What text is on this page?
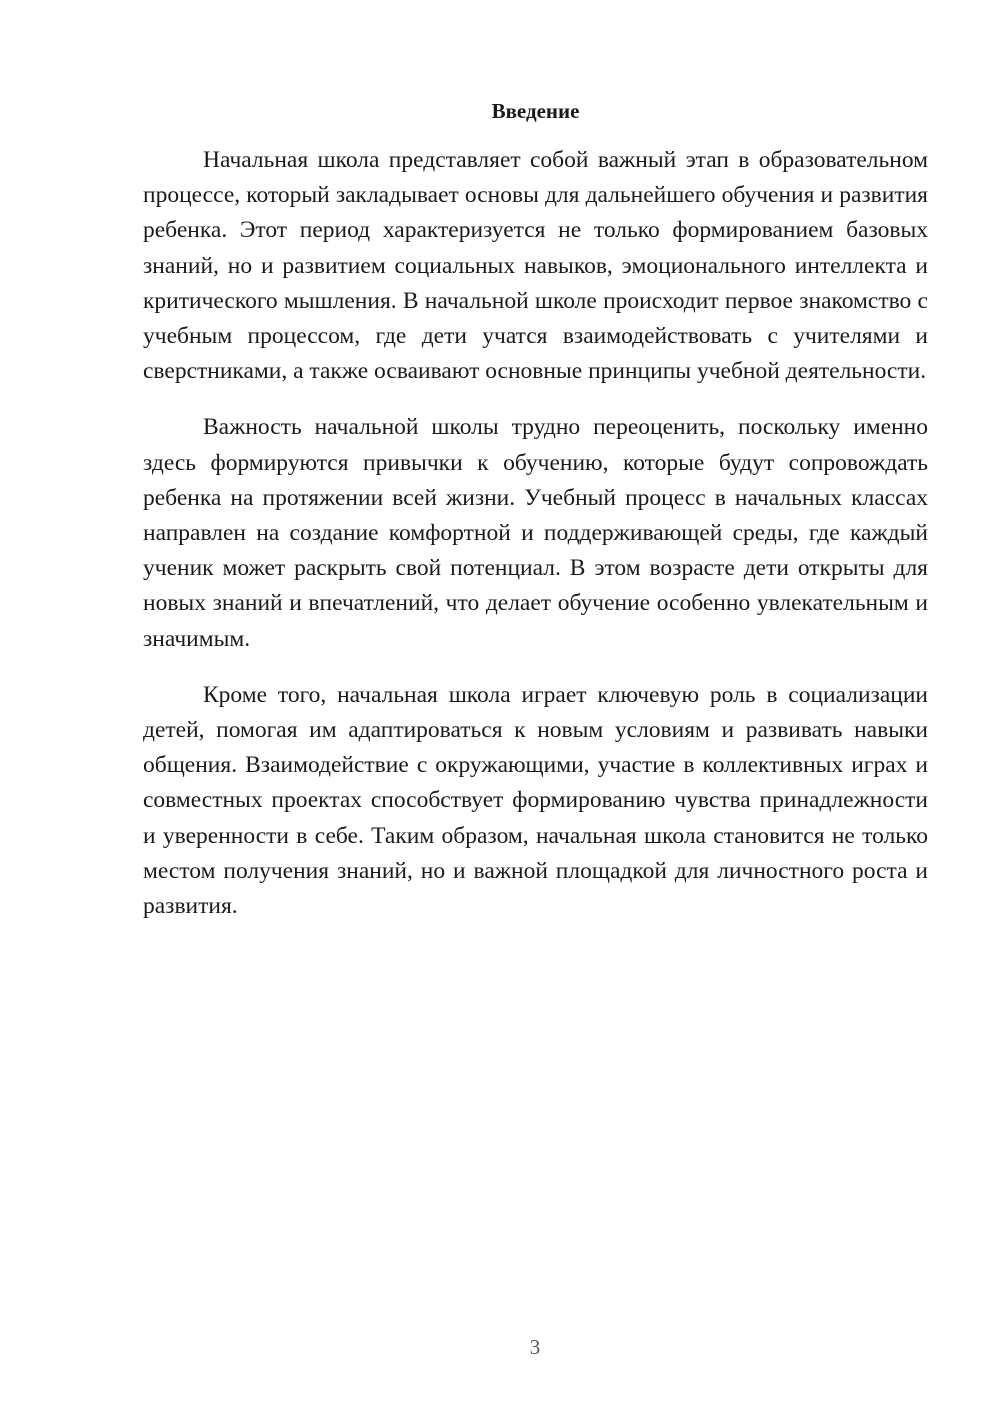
Введение

Начальная школа представляет собой важный этап в образовательном процессе, который закладывает основы для дальнейшего обучения и развития ребенка. Этот период характеризуется не только формированием базовых знаний, но и развитием социальных навыков, эмоционального интеллекта и критического мышления. В начальной школе происходит первое знакомство с учебным процессом, где дети учатся взаимодействовать с учителями и сверстниками, а также осваивают основные принципы учебной деятельности.

Важность начальной школы трудно переоценить, поскольку именно здесь формируются привычки к обучению, которые будут сопровождать ребенка на протяжении всей жизни. Учебный процесс в начальных классах направлен на создание комфортной и поддерживающей среды, где каждый ученик может раскрыть свой потенциал. В этом возрасте дети открыты для новых знаний и впечатлений, что делает обучение особенно увлекательным и значимым.

Кроме того, начальная школа играет ключевую роль в социализации детей, помогая им адаптироваться к новым условиям и развивать навыки общения. Взаимодействие с окружающими, участие в коллективных играх и совместных проектах способствует формированию чувства принадлежности и уверенности в себе. Таким образом, начальная школа становится не только местом получения знаний, но и важной площадкой для личностного роста и развития.

3
